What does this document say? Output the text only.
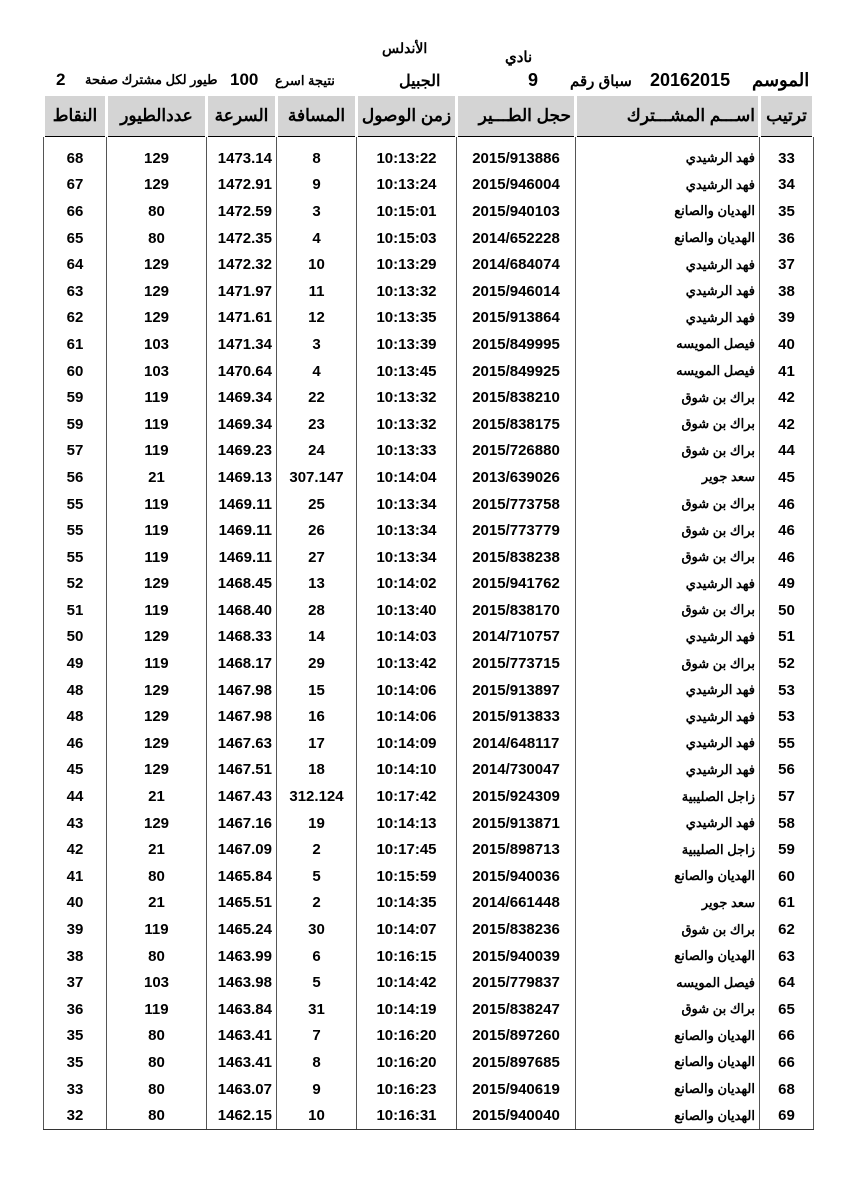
نادي
الأندلس
الموسم
20162015
سباق رقم
9
الجبيل
نتيجة اسرع
100
طيور لكل مشترك صفحة
2
ترتيب	اســـم المشـــترك	حجل الطـــير	زمن الوصول	المسافة	السرعة	عددالطيور	النقاط

33	فهد الرشيدي	2015/913886	10:13:22	8	1473.14	129	68
34	فهد الرشيدي	2015/946004	10:13:24	9	1472.91	129	67
35	الهديان والصانع	2015/940103	10:15:01	3	1472.59	80	66
36	الهديان والصانع	2014/652228	10:15:03	4	1472.35	80	65
37	فهد الرشيدي	2014/684074	10:13:29	10	1472.32	129	64
38	فهد الرشيدي	2015/946014	10:13:32	11	1471.97	129	63
39	فهد الرشيدي	2015/913864	10:13:35	12	1471.61	129	62
40	فيصل المويسه	2015/849995	10:13:39	3	1471.34	103	61
41	فيصل المويسه	2015/849925	10:13:45	4	1470.64	103	60
42	براك بن شوق	2015/838210	10:13:32	22	1469.34	119	59
42	براك بن شوق	2015/838175	10:13:32	23	1469.34	119	59
44	براك بن شوق	2015/726880	10:13:33	24	1469.23	119	57
45	سعد جوير	2013/639026	10:14:04	307.147	1469.13	21	56
46	براك بن شوق	2015/773758	10:13:34	25	1469.11	119	55
46	براك بن شوق	2015/773779	10:13:34	26	1469.11	119	55
46	براك بن شوق	2015/838238	10:13:34	27	1469.11	119	55
49	فهد الرشيدي	2015/941762	10:14:02	13	1468.45	129	52
50	براك بن شوق	2015/838170	10:13:40	28	1468.40	119	51
51	فهد الرشيدي	2014/710757	10:14:03	14	1468.33	129	50
52	براك بن شوق	2015/773715	10:13:42	29	1468.17	119	49
53	فهد الرشيدي	2015/913897	10:14:06	15	1467.98	129	48
53	فهد الرشيدي	2015/913833	10:14:06	16	1467.98	129	48
55	فهد الرشيدي	2014/648117	10:14:09	17	1467.63	129	46
56	فهد الرشيدي	2014/730047	10:14:10	18	1467.51	129	45
57	زاجل الصليبية	2015/924309	10:17:42	312.124	1467.43	21	44
58	فهد الرشيدي	2015/913871	10:14:13	19	1467.16	129	43
59	زاجل الصليبية	2015/898713	10:17:45	2	1467.09	21	42
60	الهديان والصانع	2015/940036	10:15:59	5	1465.84	80	41
61	سعد جوير	2014/661448	10:14:35	2	1465.51	21	40
62	براك بن شوق	2015/838236	10:14:07	30	1465.24	119	39
63	الهديان والصانع	2015/940039	10:16:15	6	1463.99	80	38
64	فيصل المويسه	2015/779837	10:14:42	5	1463.98	103	37
65	براك بن شوق	2015/838247	10:14:19	31	1463.84	119	36
66	الهديان والصانع	2015/897260	10:16:20	7	1463.41	80	35
66	الهديان والصانع	2015/897685	10:16:20	8	1463.41	80	35
68	الهديان والصانع	2015/940619	10:16:23	9	1463.07	80	33
69	الهديان والصانع	2015/940040	10:16:31	10	1462.15	80	32
